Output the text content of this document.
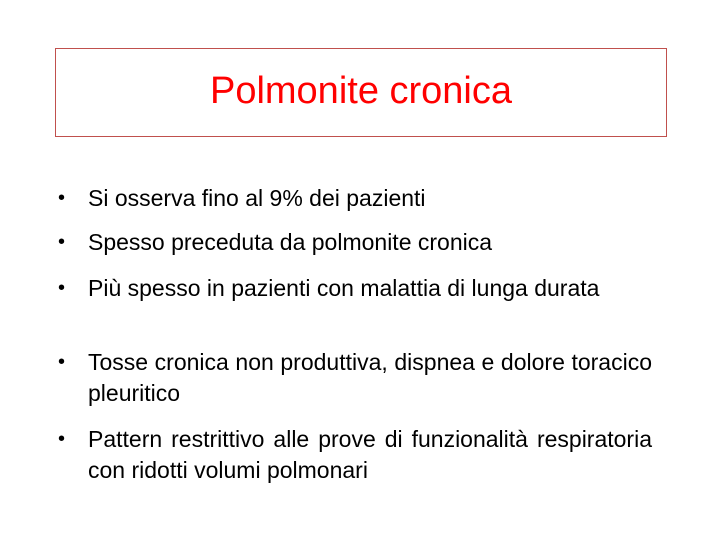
Polmonite cronica
• Si osserva fino al 9% dei pazienti
• Spesso preceduta da polmonite cronica
• Più spesso in pazienti con malattia di lunga durata
• Tosse cronica non produttiva, dispnea e dolore toracico pleuritico
• Pattern restrittivo alle prove di funzionalità respiratoria con ridotti volumi polmonari
